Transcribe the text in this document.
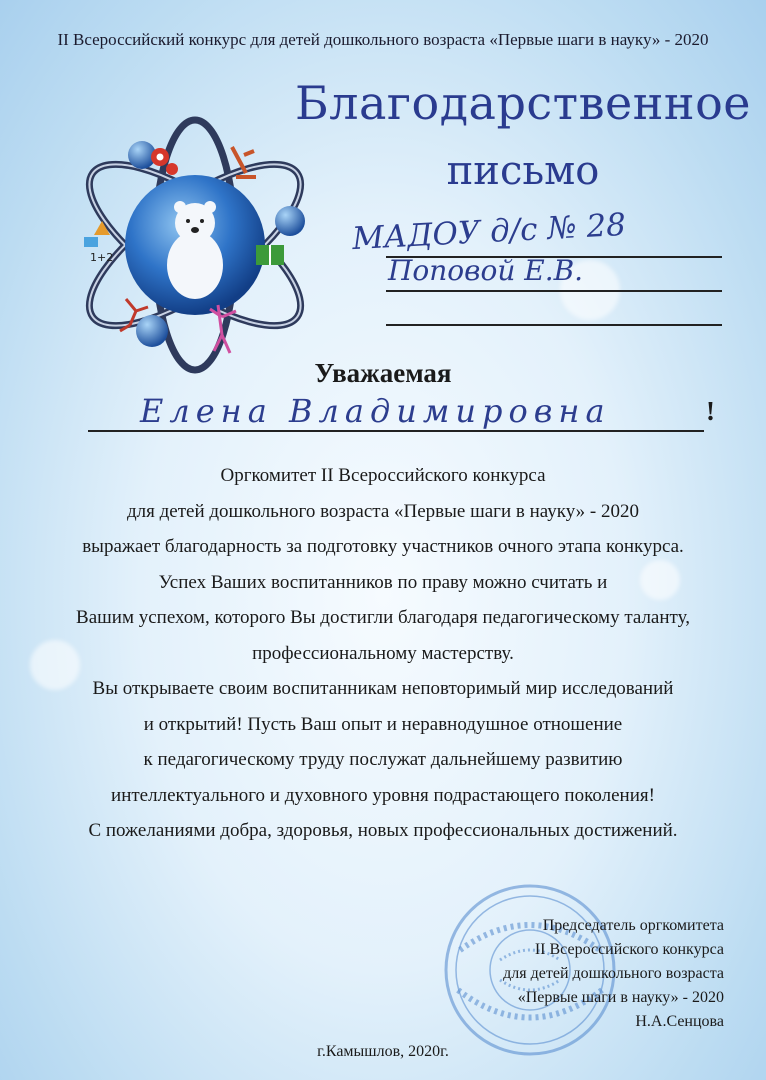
II Всероссийский конкурс для детей дошкольного возраста «Первые шаги в науку» - 2020
1+2
Благодарственное
письмо
МАДОУ д/с № 28
Поповой Е.В.
Уважаемая
Елена Владимировна	!
Оргкомитет II Всероссийского конкурса
для детей дошкольного возраста «Первые шаги в науку» - 2020
выражает благодарность за подготовку участников очного этапа конкурса.
Успех Ваших воспитанников по праву можно считать и
Вашим успехом, которого Вы достигли благодаря педагогическому таланту,
профессиональному мастерству.
Вы открываете своим воспитанникам неповторимый мир исследований
и открытий! Пусть Ваш опыт и неравнодушное отношение
к педагогическому труду послужат дальнейшему развитию
интеллектуального и духовного уровня подрастающего поколения!
С пожеланиями добра, здоровья, новых профессиональных достижений.
Председатель оргкомитета
II Всероссийского конкурса
для детей дошкольного возраста
«Первые шаги в науку» - 2020
Н.А.Сенцова
г.Камышлов, 2020г.
